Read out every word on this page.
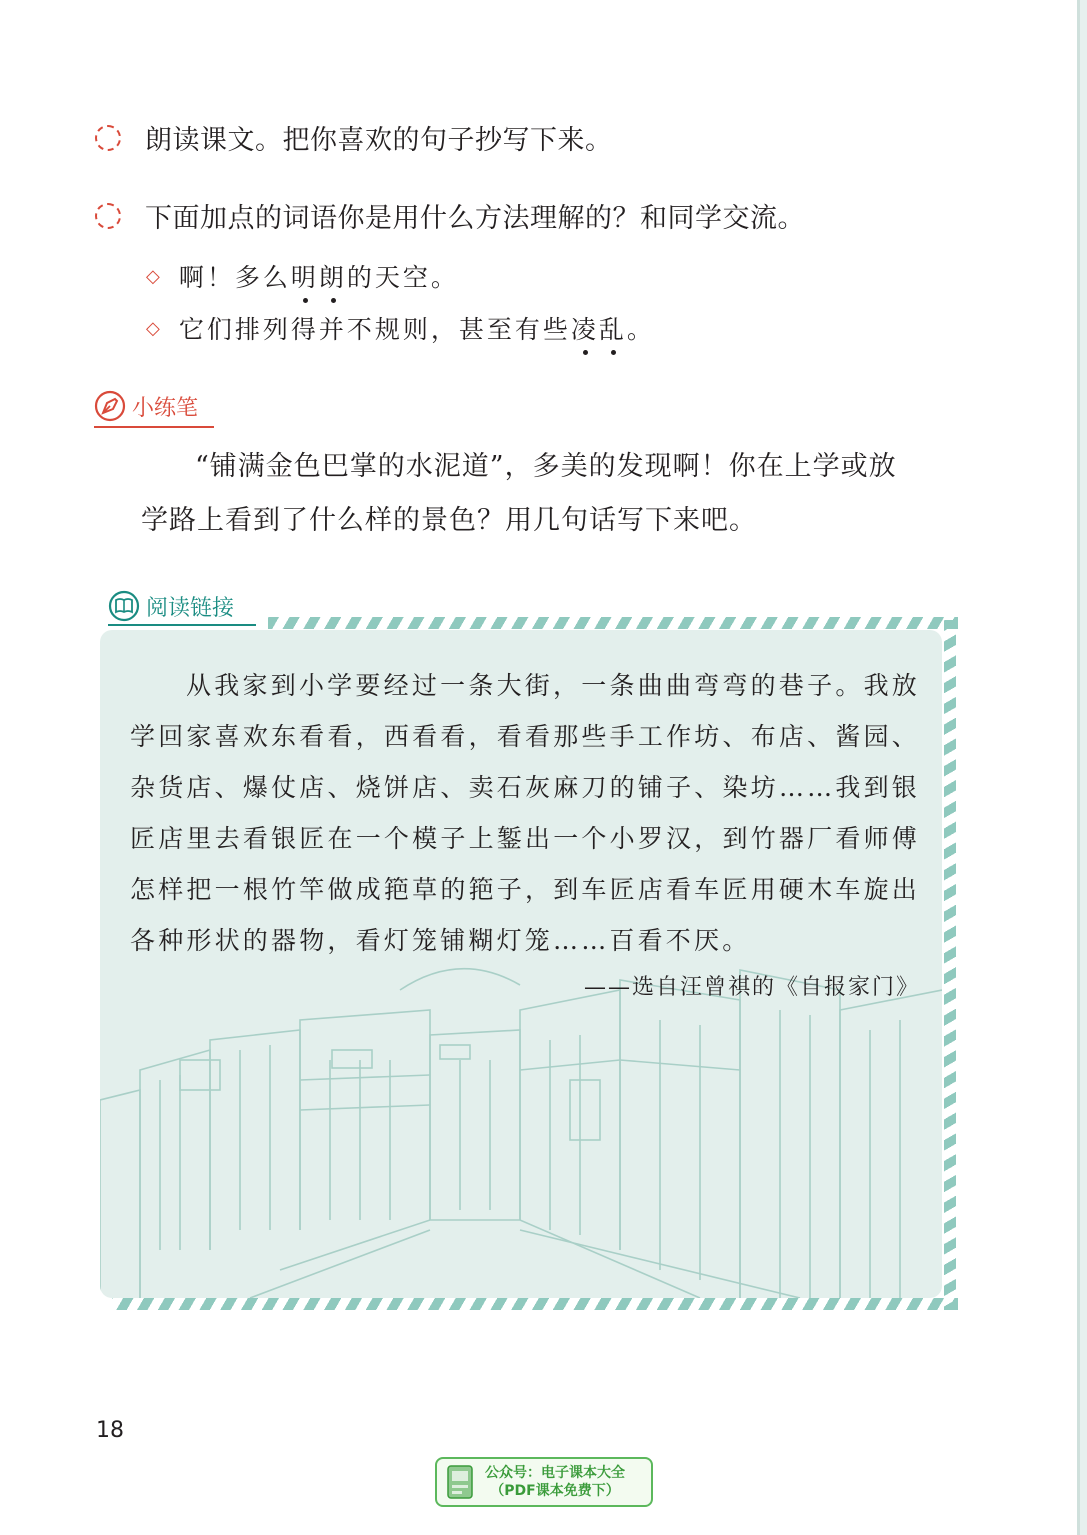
朗读课文。把你喜欢的句子抄写下来。
下面加点的词语你是用什么方法理解的？和同学交流。
◇ 啊！多么 明 朗 的天空。
◇ 它们排列得并不规则，甚至有些 凌 乱 。
小练笔
“铺满金色巴掌的水泥道”，多美的发现啊！你在上学或放
学路上看到了什么样的景色？用几句话写下来吧。
阅读链接
从我家到小学要经过一条大街，一条曲曲弯弯的巷子。我放学回家喜欢东看看，西看看，看看那些手工作坊、布店、酱园、杂货店、爆仗店、烧饼店、卖石灰麻刀的铺子、染坊……我到银匠店里去看银匠在一个模子上錾出一个小罗汉，到竹器厂看师傅怎样把一根竹竿做成筢草的筢子，到车匠店看车匠用硬木车旋出各种形状的器物，看灯笼铺糊灯笼……百看不厌。
——选自汪曾祺的《自报家门》
18
公众号：电子课本大全
（PDF课本免费下）
